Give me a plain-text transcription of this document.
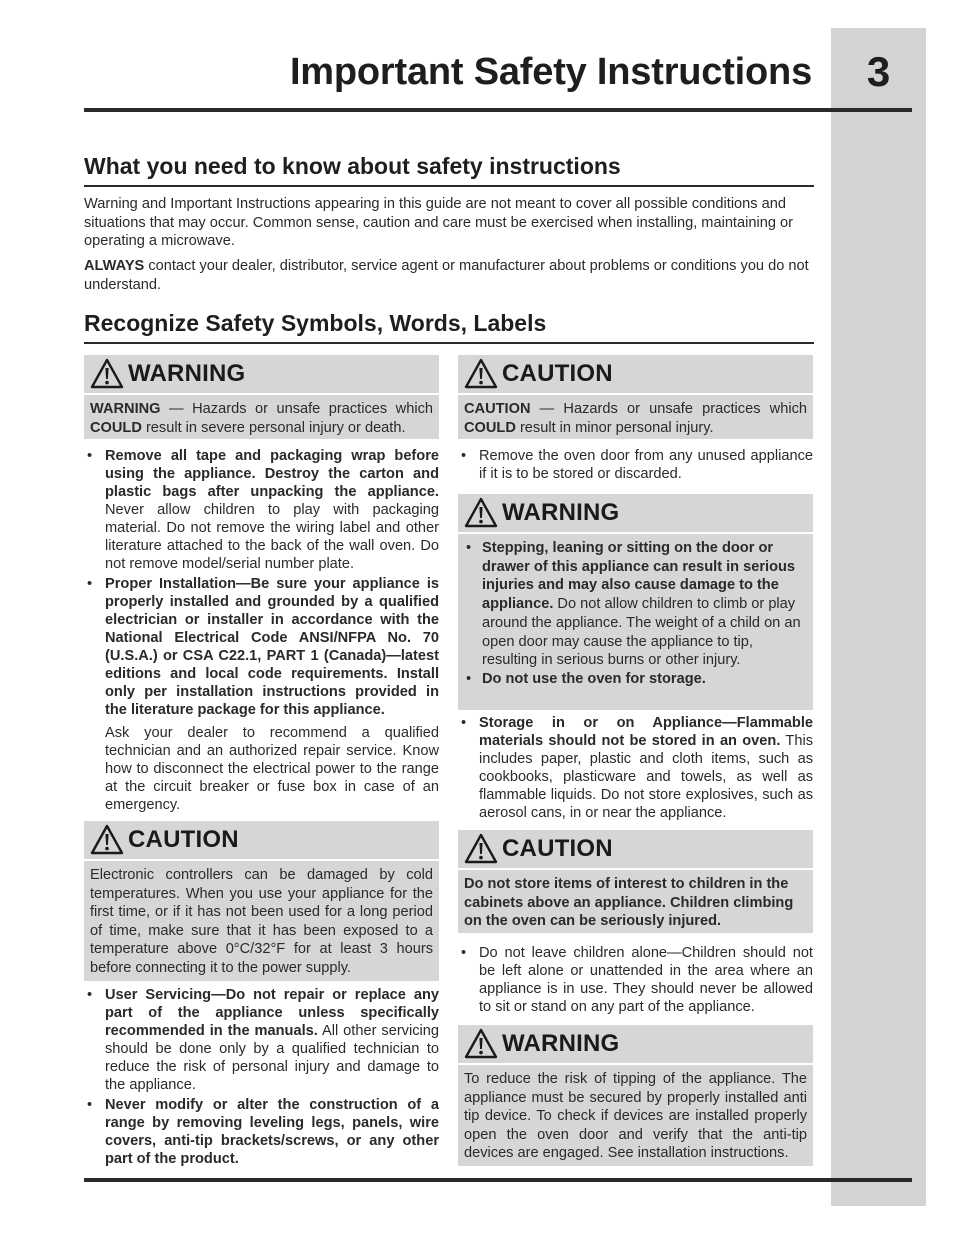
3
Important Safety Instructions
What you need to know about safety instructions

Warning and Important Instructions appearing in this guide are not meant to cover all possible conditions and situations that may occur. Common sense, caution and care must be exercised when installing, maintaining or operating a microwave.

ALWAYS contact your dealer, distributor, service agent or manufacturer about problems or conditions you do not understand.

Recognize Safety Symbols, Words, Labels
WARNING
WARNING — Hazards or unsafe practices which COULD result in severe personal injury or death.
• Remove all tape and packaging wrap before using the appliance. Destroy the carton and plastic bags after unpacking the appliance. Never allow children to play with packaging material. Do not remove the wiring label and other literature attached to the back of the wall oven. Do not remove model/serial number plate.
• Proper Installation—Be sure your appliance is properly installed and grounded by a qualified electrician or installer in accordance with the National Electrical Code ANSI/NFPA No. 70 (U.S.A.) or CSA C22.1, PART 1 (Canada)—latest editions and local code requirements. Install only per installation instructions provided in the literature package for this appliance.

Ask your dealer to recommend a qualified technician and an authorized repair service. Know how to disconnect the electrical power to the range at the circuit breaker or fuse box in case of an emergency.

CAUTION
Electronic controllers can be damaged by cold temperatures. When you use your appliance for the first time, or if it has not been used for a long period of time, make sure that it has been exposed to a temperature above 0°C/32°F for at least 3 hours before connecting it to the power supply.
• User Servicing—Do not repair or replace any part of the appliance unless specifically recommended in the manuals. All other servicing should be done only by a qualified technician to reduce the risk of personal injury and damage to the appliance.
• Never modify or alter the construction of a range by removing leveling legs, panels, wire covers, anti-tip brackets/screws, or any other part of the product.
CAUTION
CAUTION — Hazards or unsafe practices which COULD result in minor personal injury.
• Remove the oven door from any unused appliance if it is to be stored or discarded.
WARNING
• Stepping, leaning or sitting on the door or drawer of this appliance can result in serious injuries and may also cause damage to the appliance. Do not allow children to climb or play around the appliance. The weight of a child on an open door may cause the appliance to tip, resulting in serious burns or other injury.
• Do not use the oven for storage.
• Storage in or on Appliance—Flammable materials should not be stored in an oven. This includes paper, plastic and cloth items, such as cookbooks, plasticware and towels, as well as flammable liquids. Do not store explosives, such as aerosol cans, in or near the appliance.
CAUTION
Do not store items of interest to children in the cabinets above an appliance. Children climbing on the oven can be seriously injured.
• Do not leave children alone—Children should not be left alone or unattended in the area where an appliance is in use. They should never be allowed to sit or stand on any part of the appliance.
WARNING
To reduce the risk of tipping of the appliance. The appliance must be secured by properly installed anti tip device. To check if devices are installed properly open the oven door and verify that the anti-tip devices are engaged. See installation instructions.
